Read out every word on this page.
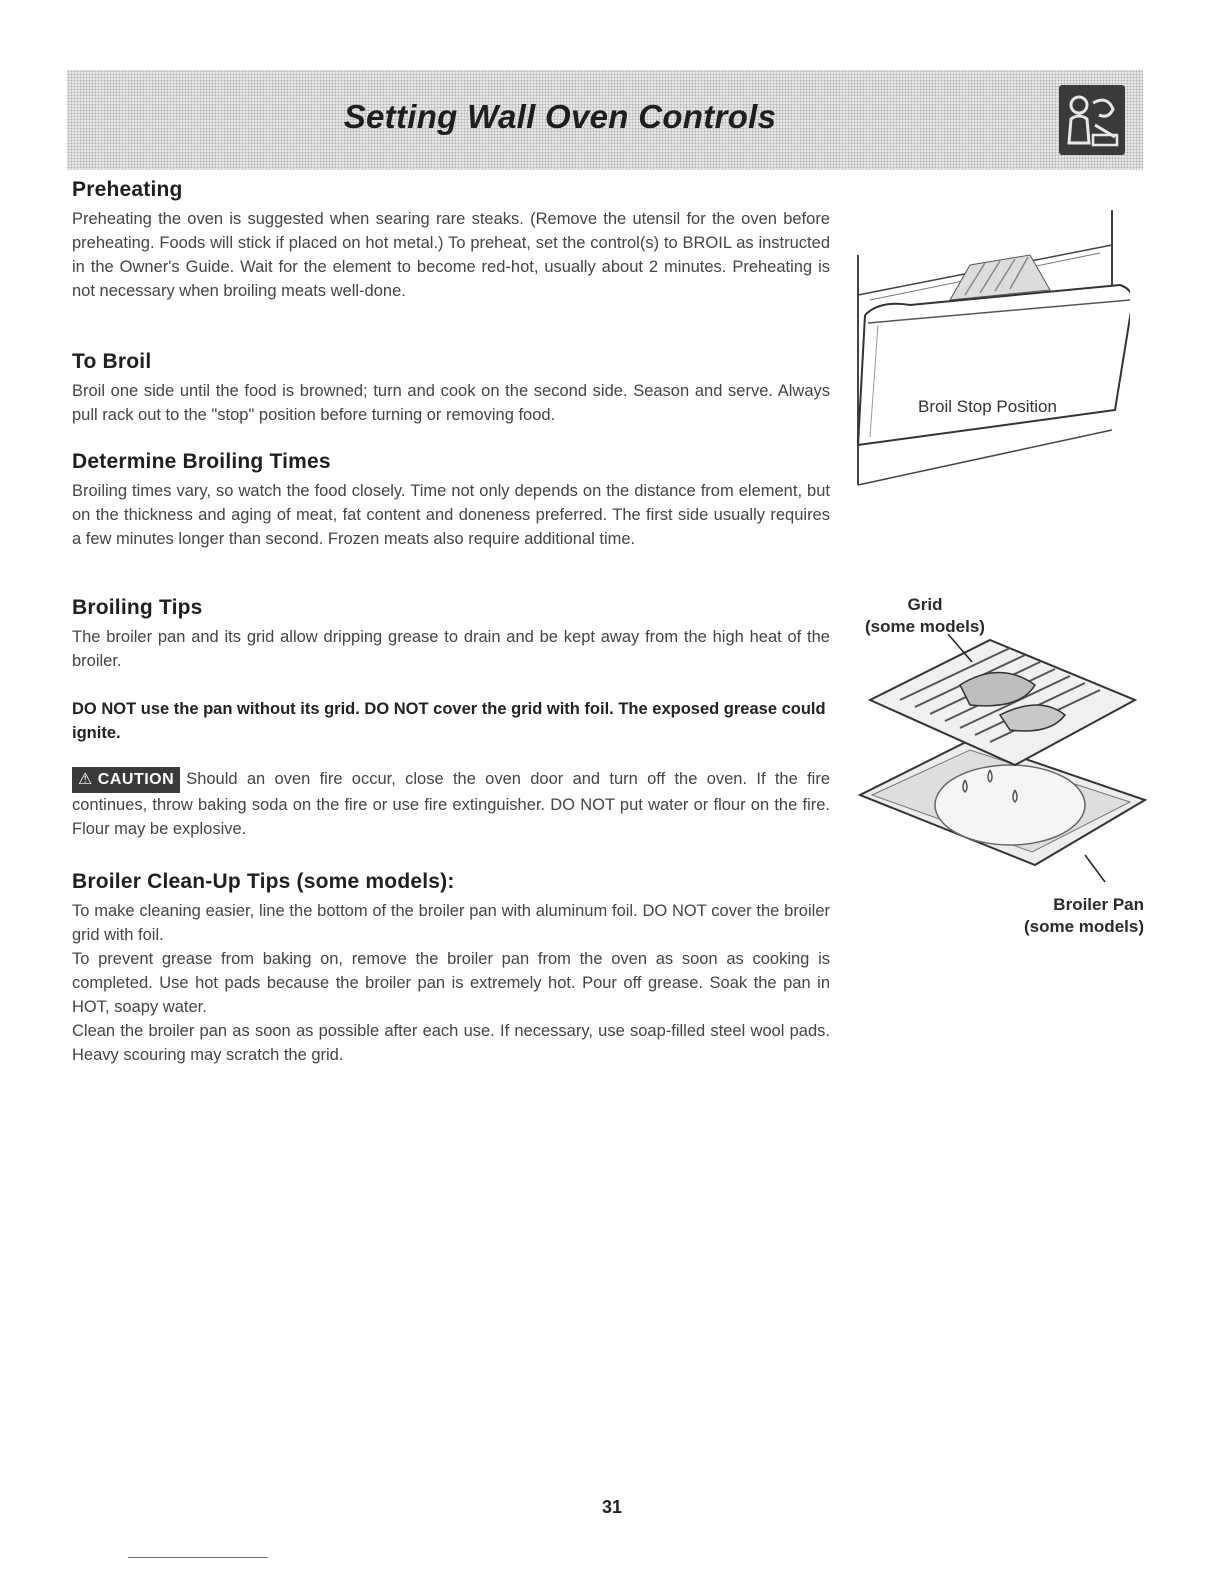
Setting Wall Oven Controls
Preheating

Preheating the oven is suggested when searing rare steaks. (Remove the utensil for the oven before preheating. Foods will stick if placed on hot metal.) To preheat, set the control(s) to BROIL as instructed in the Owner's Guide. Wait for the element to become red-hot, usually about 2 minutes. Preheating is not necessary when broiling meats well-done.

To Broil

Broil one side until the food is browned; turn and cook on the second side. Season and serve. Always pull rack out to the "stop" position before turning or removing food.

Determine Broiling Times

Broiling times vary, so watch the food closely. Time not only depends on the distance from element, but on the thickness and aging of meat, fat content and doneness preferred. The first side usually requires a few minutes longer than second. Frozen meats also require additional time.

Broiling Tips

The broiler pan and its grid allow dripping grease to drain and be kept away from the high heat of the broiler.

DO NOT use the pan without its grid. DO NOT cover the grid with foil. The exposed grease could ignite.

⚠ CAUTION Should an oven fire occur, close the oven door and turn off the oven. If the fire continues, throw baking soda on the fire or use fire extinguisher. DO NOT put water or flour on the fire. Flour may be explosive.

Broiler Clean-Up Tips (some models):

To make cleaning easier, line the bottom of the broiler pan with aluminum foil. DO NOT cover the broiler grid with foil.

To prevent grease from baking on, remove the broiler pan from the oven as soon as cooking is completed. Use hot pads because the broiler pan is extremely hot. Pour off grease. Soak the pan in HOT, soapy water.

Clean the broiler pan as soon as possible after each use. If necessary, use soap-filled steel wool pads. Heavy scouring may scratch the grid.

Broil Stop Position
Grid
(some models)
Broiler Pan
(some models)
31
